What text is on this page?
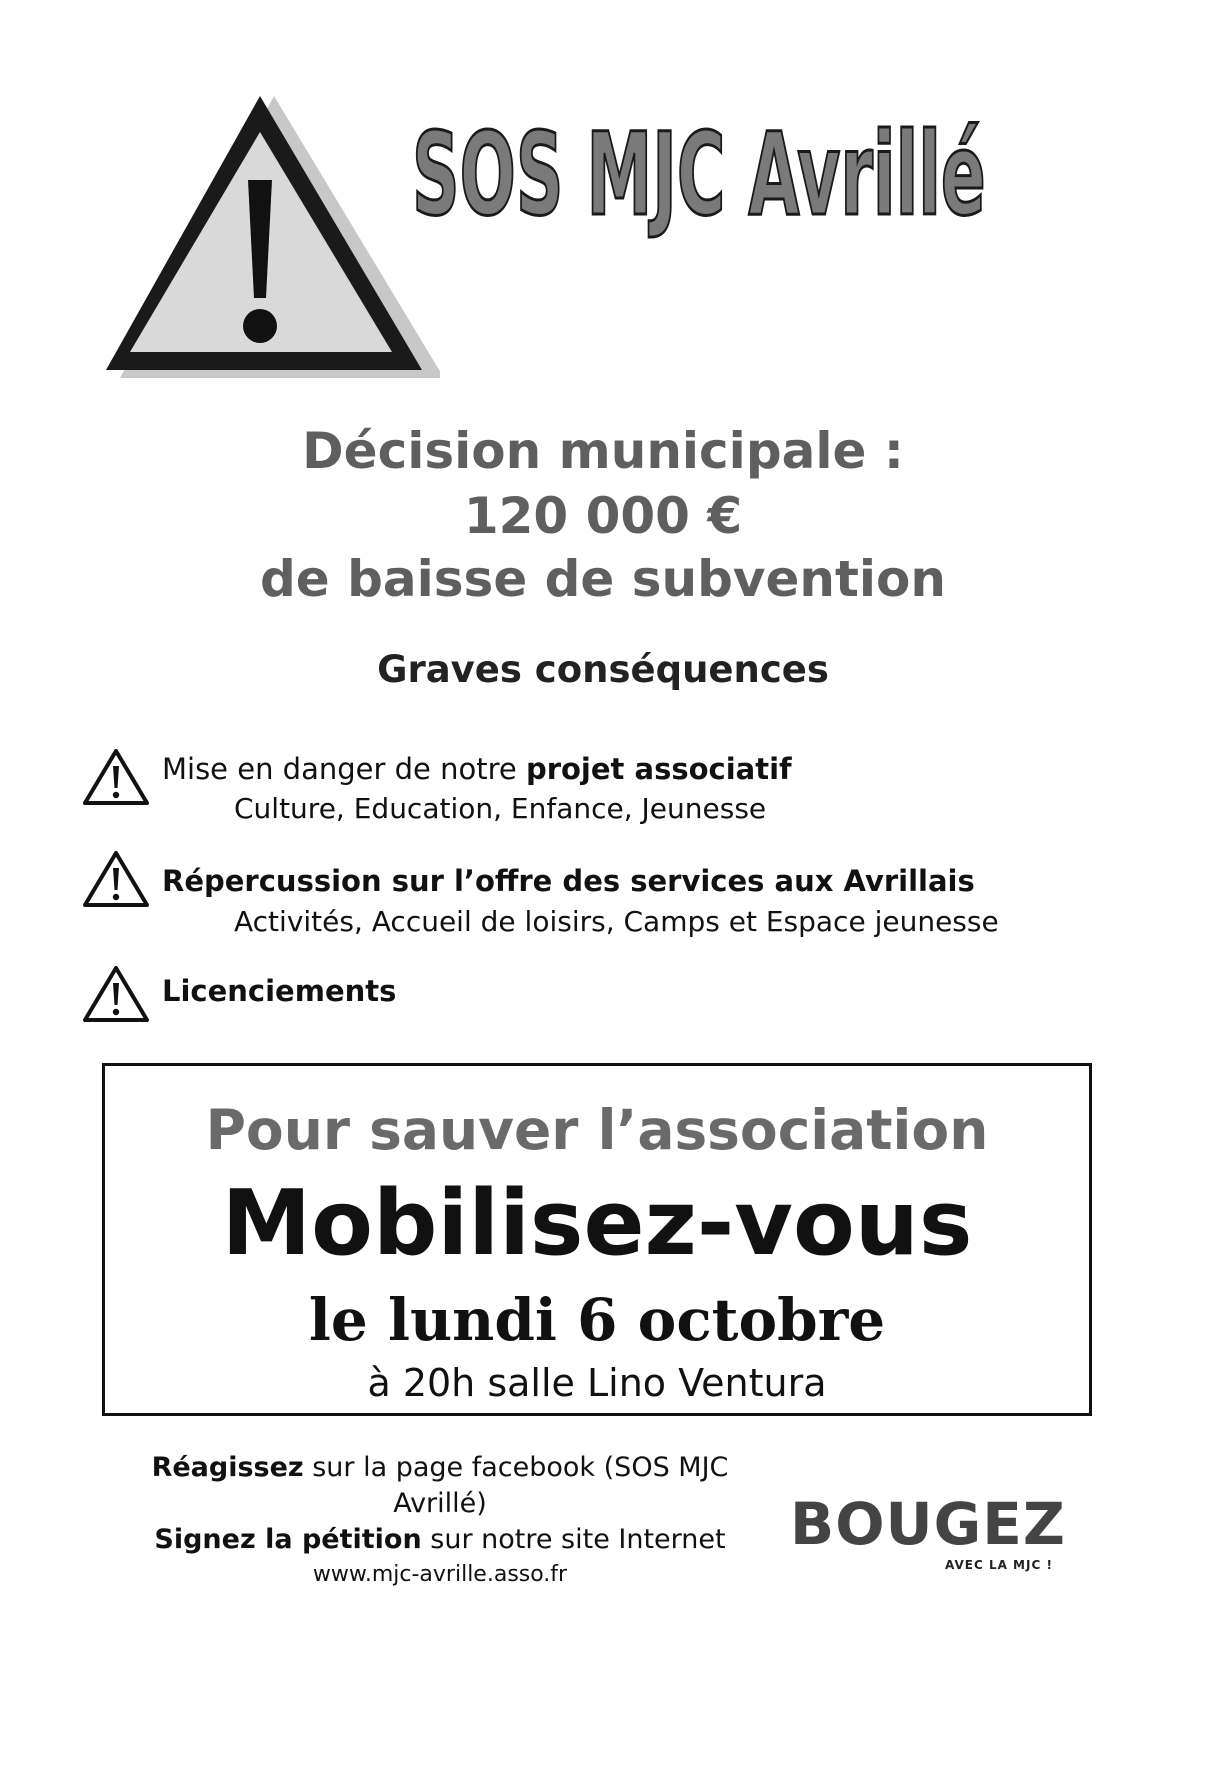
SOS MJC Avrillé

Décision municipale :

120 000 €

de baisse de subvention

Graves conséquences

Mise en danger de notre projet associatif
Culture, Education, Enfance, Jeunesse
Répercussion sur l’offre des services aux Avrillais
Activités, Accueil de loisirs, Camps et Espace jeunesse
Licenciements

Pour sauver l’association

Mobilisez-vous

le lundi 6 octobre

à 20h salle Lino Ventura

Réagissez sur la page facebook (SOS MJC

Avrillé)

Signez la pétition sur notre site Internet

www.mjc-avrille.asso.fr

BOUGEZ
AVEC LA MJC !
